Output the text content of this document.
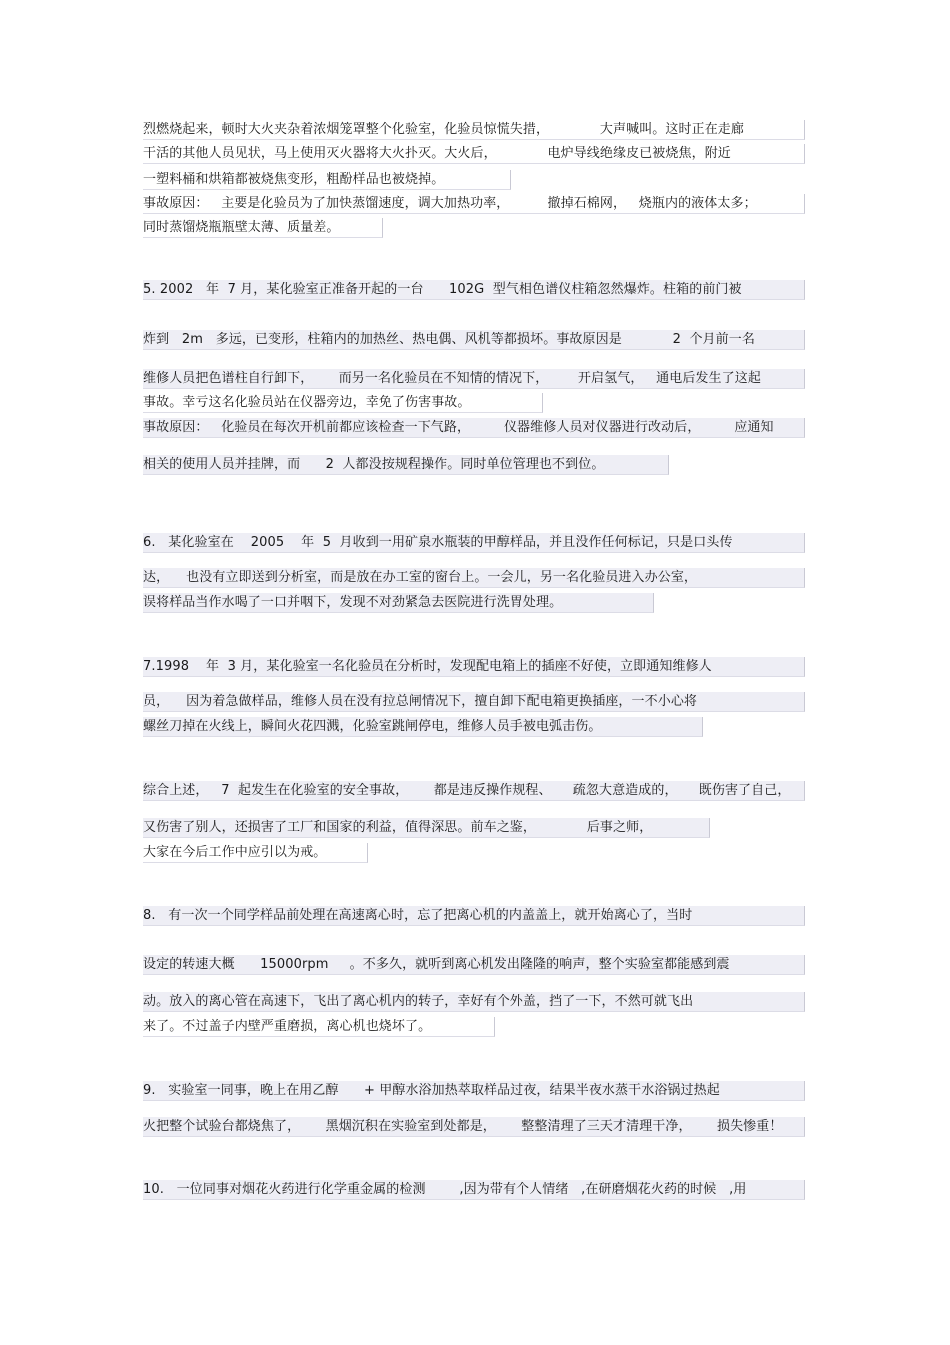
烈燃烧起来，顿时大火夹杂着浓烟笼罩整个化验室，化验员惊慌失措，            大声喊叫。这时正在走廊
干活的其他人员见状，马上使用灭火器将大火扑灭。大火后，            电炉导线绝缘皮已被烧焦，附近
一塑料桶和烘箱都被烧焦变形，粗酚样品也被烧掉。
事故原因：   主要是化验员为了加快蒸馏速度，调大加热功率，         撤掉石棉网，   烧瓶内的液体太多；
同时蒸馏烧瓶瓶壁太薄、质量差。
5. 2002   年  7 月，某化验室正准备开起的一台      102G  型气相色谱仪柱箱忽然爆炸。柱箱的前门被
炸到   2m   多远，已变形，柱箱内的加热丝、热电偶、风机等都损坏。事故原因是            2  个月前一名
维修人员把色谱柱自行卸下，      而另一名化验员在不知情的情况下，       开启氢气，   通电后发生了这起
事故。幸亏这名化验员站在仪器旁边，幸免了伤害事故。
事故原因：   化验员在每次开机前都应该检查一下气路，        仪器维修人员对仪器进行改动后，        应通知
相关的使用人员并挂牌，而      2  人都没按规程操作。同时单位管理也不到位。
6.   某化验室在    2005    年  5  月收到一用矿泉水瓶装的甲醇样品，并且没作任何标记，只是口头传
达，    也没有立即送到分析室，而是放在办工室的窗台上。一会儿，另一名化验员进入办公室，
误将样品当作水喝了一口并咽下，发现不对劲紧急去医院进行洗胃处理。
7.1998    年  3 月，某化验室一名化验员在分析时，发现配电箱上的插座不好使，立即通知维修人
员，    因为着急做样品，维修人员在没有拉总闸情况下，擅自卸下配电箱更换插座，一不小心将
螺丝刀掉在火线上，瞬间火花四溅，化验室跳闸停电，维修人员手被电弧击伤。
综合上述，   7  起发生在化验室的安全事故，      都是违反操作规程、     疏忽大意造成的，     既伤害了自己，
又伤害了别人，还损害了工厂和国家的利益，值得深思。前车之鉴，            后事之师，
大家在今后工作中应引以为戒。
8.   有一次一个同学样品前处理在高速离心时，忘了把离心机的内盖盖上，就开始离心了，当时
设定的转速大概      15000rpm     。不多久，就听到离心机发出隆隆的响声，整个实验室都能感到震
动。放入的离心管在高速下，飞出了离心机内的转子，幸好有个外盖，挡了一下，不然可就飞出
来了。不过盖子内壁严重磨损，离心机也烧坏了。
9.   实验室一同事，晚上在用乙醇      + 甲醇水浴加热萃取样品过夜，结果半夜水蒸干水浴锅过热起
火把整个试验台都烧焦了，      黑烟沉积在实验室到处都是，      整整清理了三天才清理干净，      损失惨重！
10.   一位同事对烟花火药进行化学重金属的检测        ,因为带有个人情绪   ,在研磨烟花火药的时候   ,用
